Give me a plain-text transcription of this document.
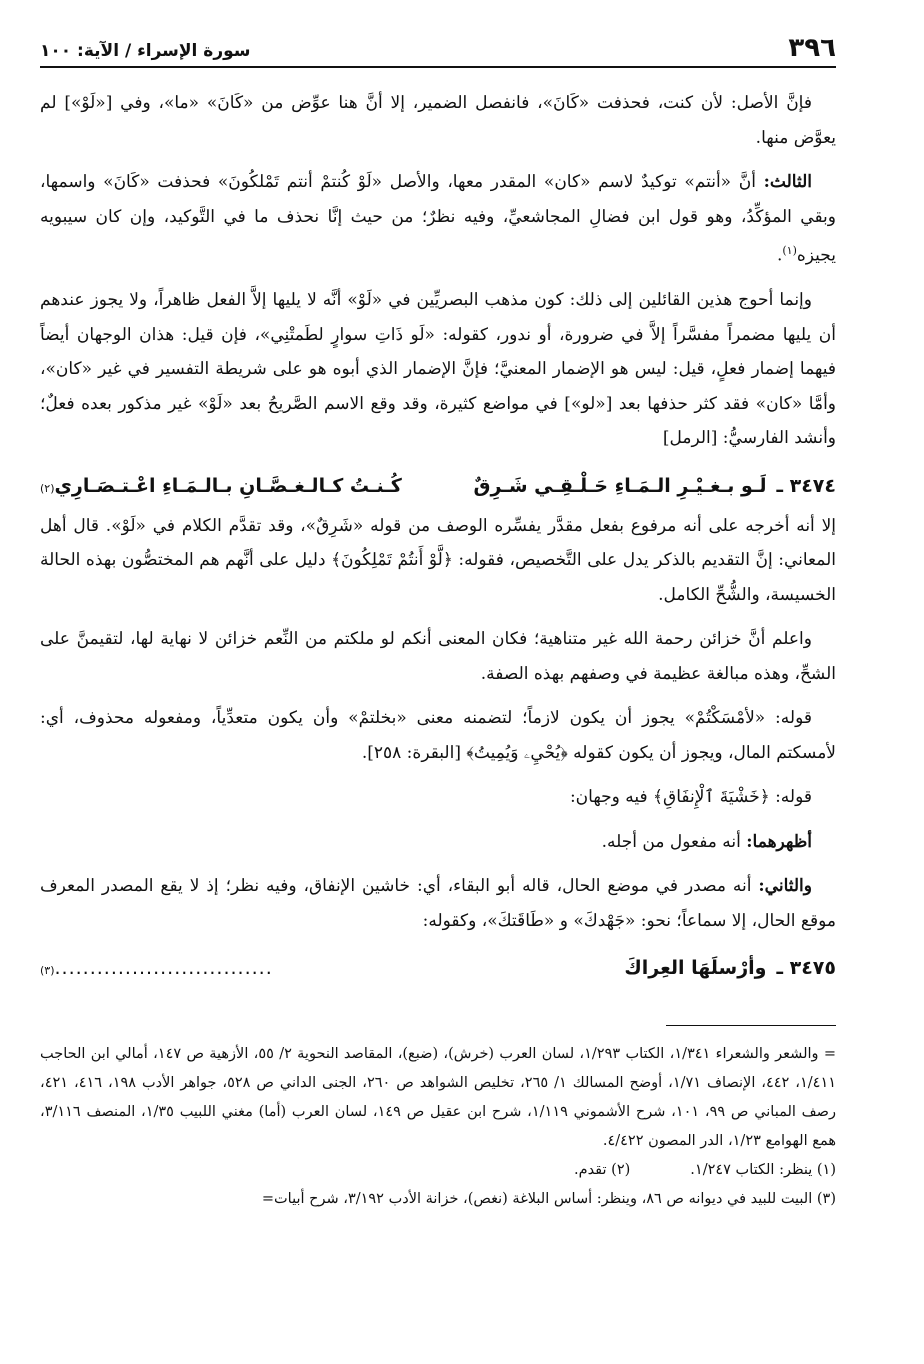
٣٩٦
سورة الإسراء / الآية: ١٠٠

فإنَّ الأصل: لأن كنت، فحذفت «كَانَ»، فانفصل الضمير، إلا أنَّ هنا عوِّض من «كَانَ» «ما»، وفي [«لَوْ»] لم يعوَّض منها.

الثالث: أنَّ «أنتم» توكيدٌ لاسم «كان» المقدر معها، والأصل «لَوْ كُنتمْ أنتم تَمْلكُونَ» فحذفت «كَانَ» واسمها، وبقي المؤكِّدُ، وهو قول ابن فضالِ المجاشعيِّ، وفيه نظرٌ؛ من حيث إنَّا نحذف ما في التَّوكيد، وإن كان سيبويه يجيزه$^{(١)}$.

وإنما أحوج هذين القائلين إلى ذلك: كون مذهب البصريِّين في «لَوْ» أنَّه لا يليها إلاَّ الفعل ظاهراً، ولا يجوز عندهم أن يليها مضمراً مفسَّراً إلاَّ في ضرورة، أو ندور، كقوله: «لَو ذَاتِ سوارٍ لطَمتْنِي»، فإن قيل: هذان الوجهان أيضاً فيهما إضمار فعلٍ، قيل: ليس هو الإضمار المعنيَّ؛ فإنَّ الإضمار الذي أبوه هو على شريطة التفسير في غير «كان»، وأمَّا «كان» فقد كثر حذفها بعد [«لو»] في مواضع كثيرة، وقد وقع الاسم الصَّريحُ بعد «لَوْ» غير مذكور بعده فعلٌ؛ وأنشد الفارسيُّ: [الرمل]

٣٤٧٤ ـ
لَـو بـغـيْـرِ الـمَـاءِ حَـلْـقِـي شَـرِقٌ
كُـنـتُ كـالـغـصَّـانِ بـالـمَـاءِ اعْـتـصَـارِي
(٢)

إلا أنه أخرجه على أنه مرفوع بفعل مقدَّر يفسِّره الوصف من قوله «شَرِقٌ»، وقد تقدَّم الكلام في «لَوْ». قال أهل المعاني: إنَّ التقديم بالذكر يدل على التَّخصيص، فقوله: ﴿لَّوْ أَنتُمْ تَمْلِكُونَ﴾ دليل على أنَّهم هم المختصُّون بهذه الحالة الخسيسة، والشُّحِّ الكامل.

واعلم أنَّ خزائن رحمة الله غير متناهية؛ فكان المعنى أنكم لو ملكتم من النِّعم خزائن لا نهاية لها، لتقيمنَّ على الشحِّ، وهذه مبالغة عظيمة في وصفهم بهذه الصفة.

قوله: «لأمْسَكْتُمْ» يجوز أن يكون لازماً؛ لتضمنه معنى «بخلتمْ» وأن يكون متعدِّياً، ومفعوله محذوف، أي: لأمسكتم المال، ويجوز أن يكون كقوله ﴿يُحْيِۦ وَيُمِيتُ﴾ [البقرة: ٢٥٨].

قوله: ﴿خَشْيَةَ ٱلْإِنفَاقِ﴾ فيه وجهان:

أظهرهما: أنه مفعول من أجله.

والثاني: أنه مصدر في موضع الحال، قاله أبو البقاء، أي: خاشين الإنفاق، وفيه نظر؛ إذ لا يقع المصدر المعرف موقع الحال، إلا سماعاً؛ نحو: «جَهْدكَ» و «طَاقَتكَ»، وكقوله:

٣٤٧٥ ـ
وأرْسلَهَا العِراكَ
...............................
(٣)

= والشعر والشعراء ١/٣٤١، الكتاب ١/٢٩٣، لسان العرب (خرش)، (ضبع)، المقاصد النحوية ٢/ ٥٥، الأزهية ص ١٤٧، أمالي ابن الحاجب ١/٤١١، ٤٤٢، الإنصاف ١/٧١، أوضح المسالك ١/ ٢٦٥، تخليص الشواهد ص ٢٦٠، الجنى الداني ص ٥٢٨، جواهر الأدب ١٩٨، ٤١٦، ٤٢١، رصف المباني ص ٩٩، ١٠١، شرح الأشموني ١/١١٩، شرح ابن عقيل ص ١٤٩، لسان العرب (أما) مغني اللبيب ١/٣٥، المنصف ٣/١١٦، همع الهوامع ١/٢٣، الدر المصون ٤/٤٢٢.

(١) ينظر: الكتاب ١/٢٤٧.
(٢) تقدم.

(٣) البيت للبيد في ديوانه ص ٨٦، وينظر: أساس البلاغة (نغص)، خزانة الأدب ٣/١٩٢، شرح أبيات=
